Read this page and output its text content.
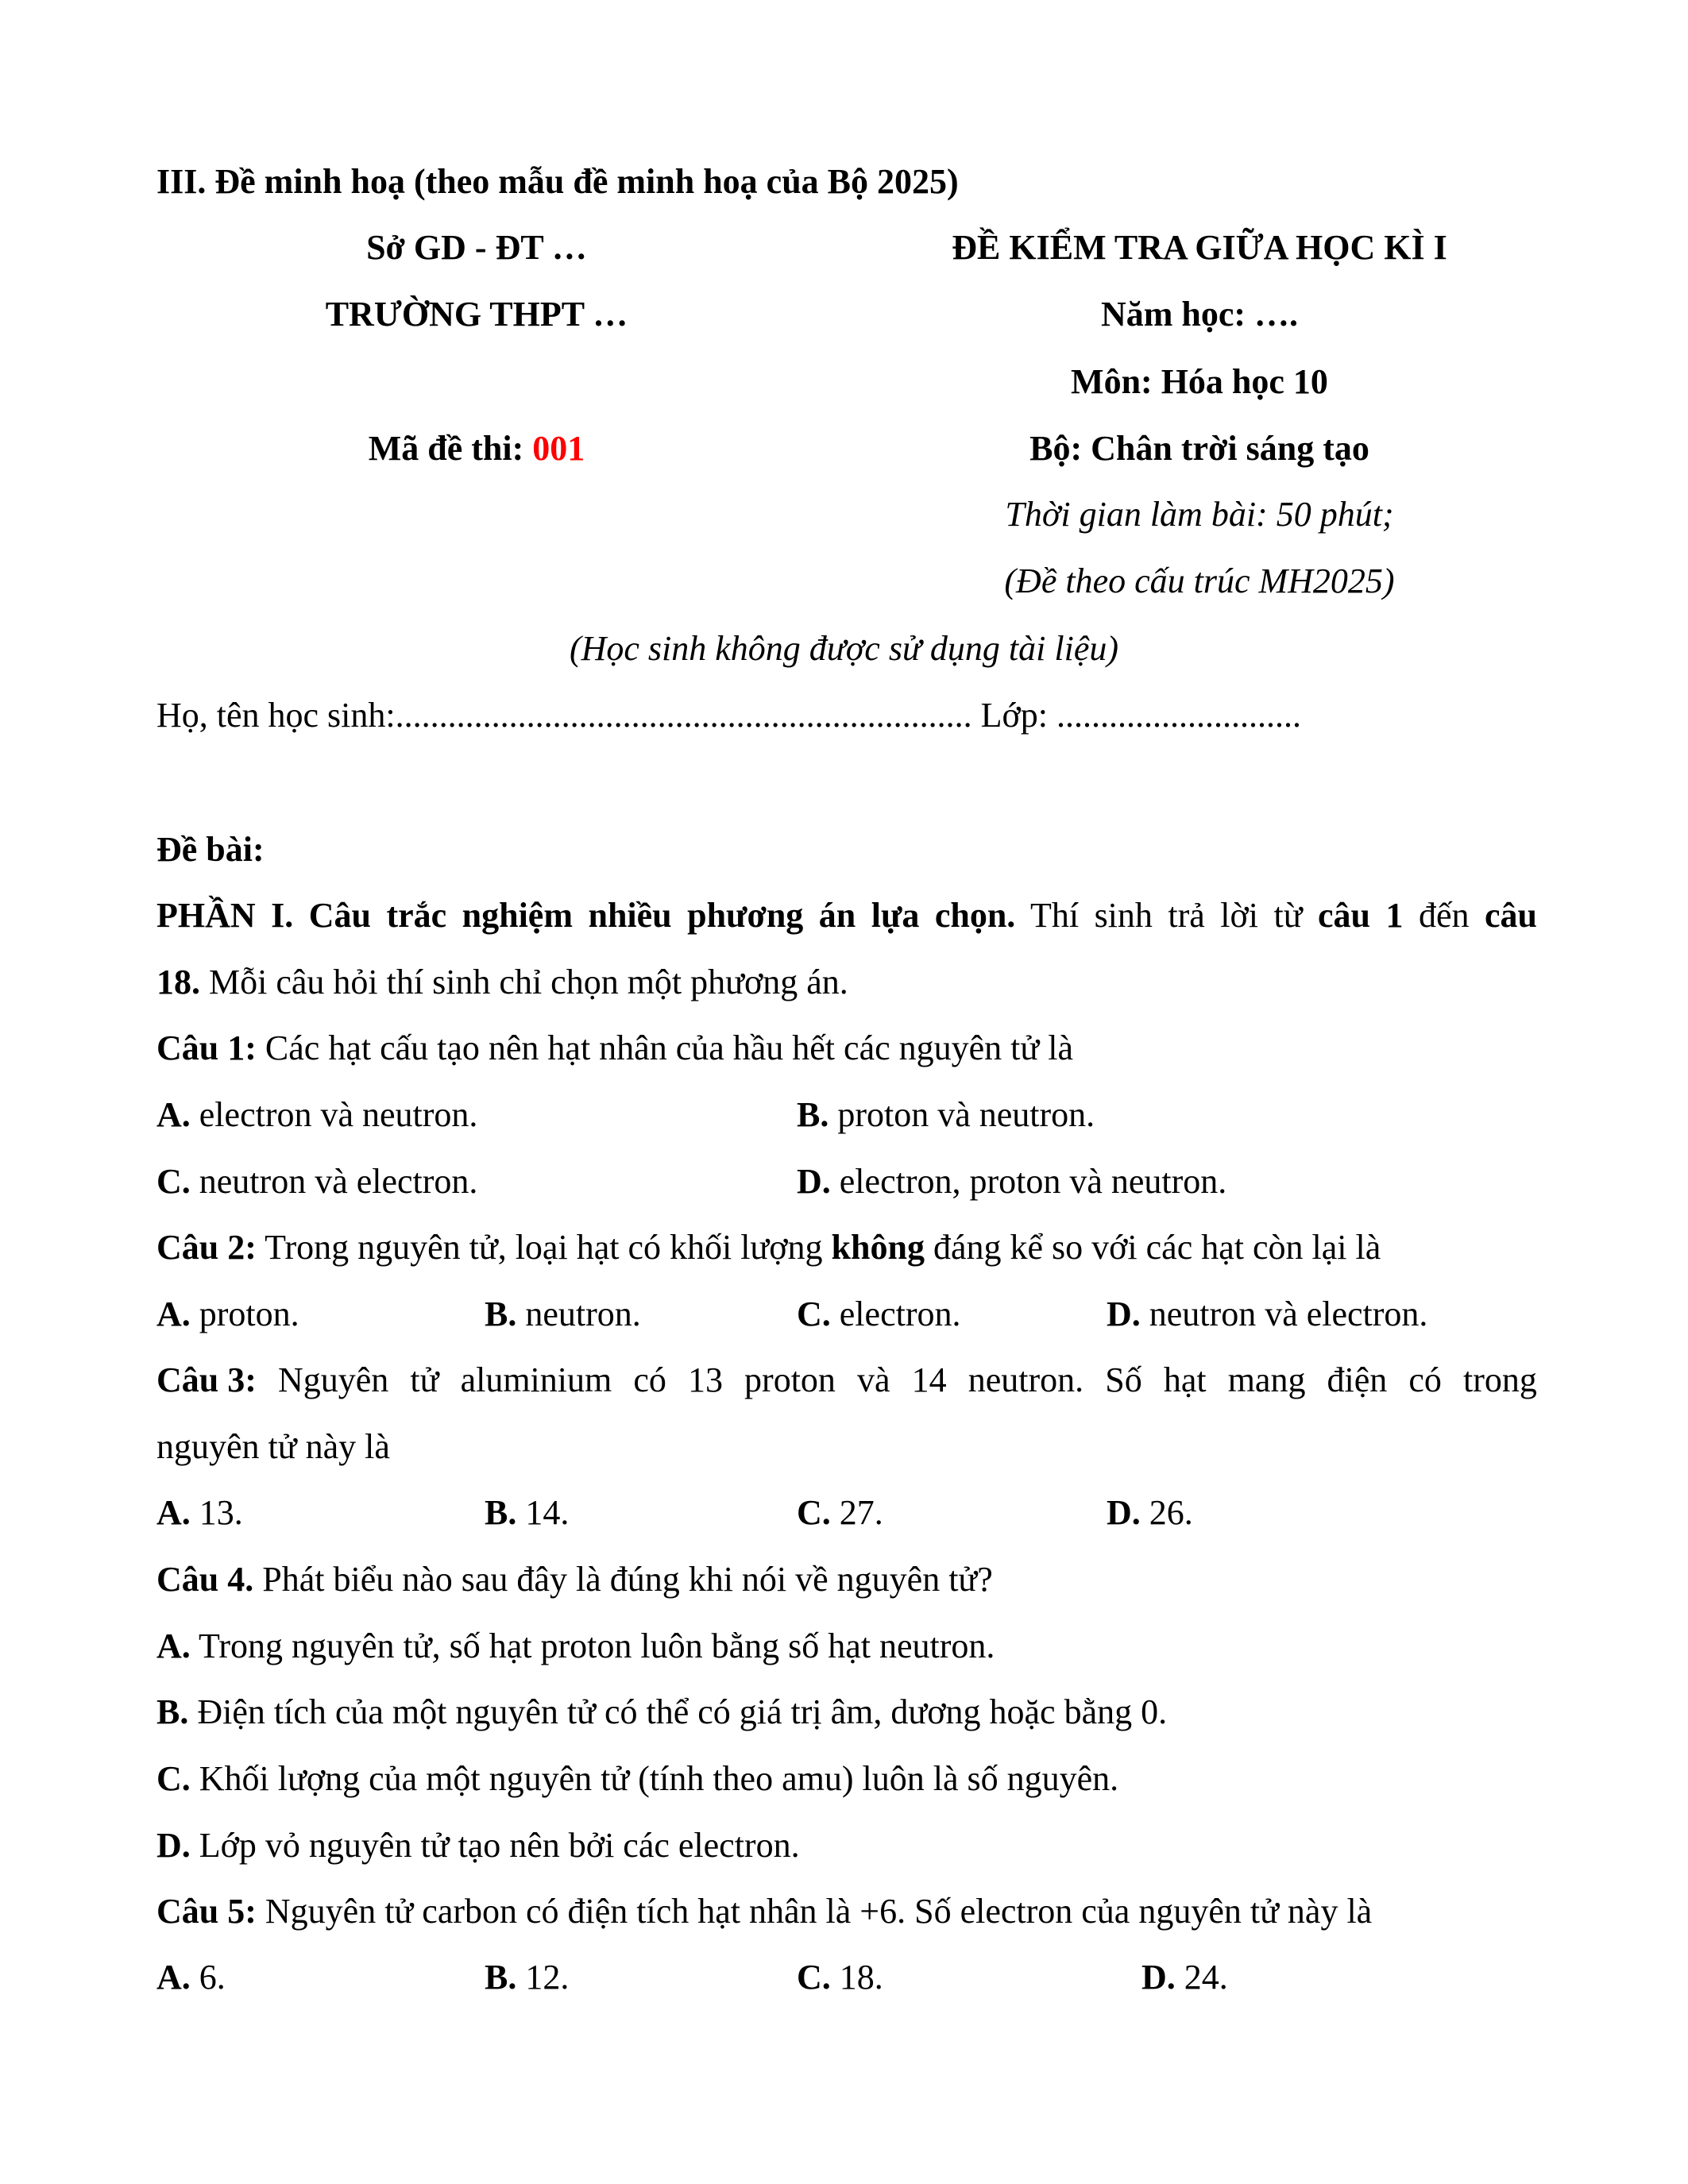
III. Đề minh hoạ (theo mẫu đề minh hoạ của Bộ 2025)
Sở GD - ĐT …
TRƯỜNG THPT …
Mã đề thi: 001
ĐỀ KIỂM TRA GIỮA HỌC KÌ I
Năm học: ….
Môn: Hóa học 10
Bộ: Chân trời sáng tạo
Thời gian làm bài: 50 phút;
(Đề theo cấu trúc MH2025)
(Học sinh không được sử dụng tài liệu)
Họ, tên học sinh:.................................................................. Lớp: ............................
Đề bài:
PHẦN I. Câu trắc nghiệm nhiều phương án lựa chọn. Thí sinh trả lời từ câu 1 đến câu
18. Mỗi câu hỏi thí sinh chỉ chọn một phương án.
Câu 1: Các hạt cấu tạo nên hạt nhân của hầu hết các nguyên tử là
A. electron và neutron.	B. proton và neutron.
C. neutron và electron.	D. electron, proton và neutron.
Câu 2: Trong nguyên tử, loại hạt có khối lượng không đáng kể so với các hạt còn lại là
A. proton.	B. neutron.	C. electron.	D. neutron và electron.
Câu 3: Nguyên tử aluminium có 13 proton và 14 neutron. Số hạt mang điện có trong
nguyên tử này là
A. 13.	B. 14.	C. 27.	D. 26.
Câu 4. Phát biểu nào sau đây là đúng khi nói về nguyên tử?
A. Trong nguyên tử, số hạt proton luôn bằng số hạt neutron.
B. Điện tích của một nguyên tử có thể có giá trị âm, dương hoặc bằng 0.
C. Khối lượng của một nguyên tử (tính theo amu) luôn là số nguyên.
D. Lớp vỏ nguyên tử tạo nên bởi các electron.
Câu 5: Nguyên tử carbon có điện tích hạt nhân là +6. Số electron của nguyên tử này là
A. 6.	B. 12.	C. 18.	D. 24.
